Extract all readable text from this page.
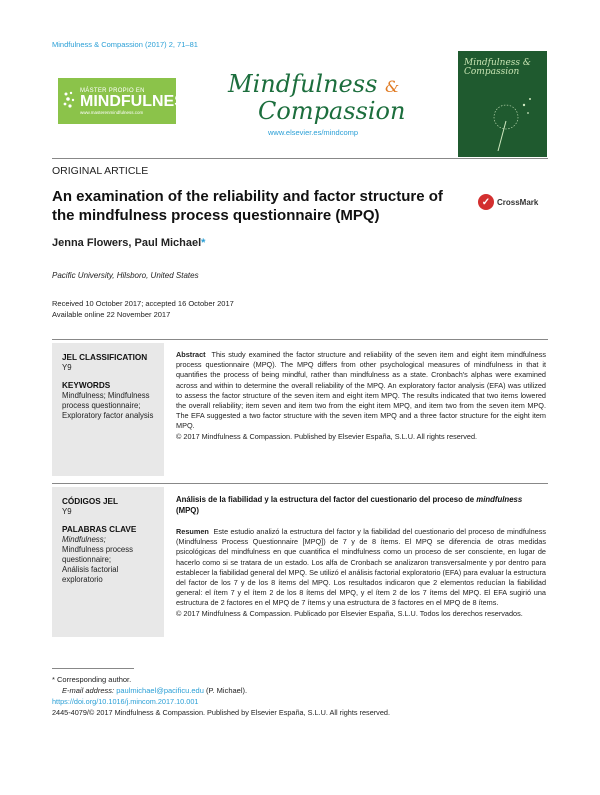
Mindfulness & Compassion (2017) 2, 71–81
MÁSTER PROPIO EN
MINDFULNESS
www.masterenmindfulness.com
Mindfulness &
Compassion
www.elsevier.es/mindcomp
Mindfulness & Compassion
ORIGINAL ARTICLE
An examination of the reliability and factor structure of the mindfulness process questionnaire (MPQ)
✓ CrossMark
Jenna Flowers, Paul Michael*
Pacific University, Hilsboro, United States
Received 10 October 2017; accepted 16 October 2017
Available online 22 November 2017
JEL CLASSIFICATION
Y9
KEYWORDS
Mindfulness; Mindfulness process questionnaire; Exploratory factor analysis
Abstract This study examined the factor structure and reliability of the seven item and eight item mindfulness process questionnaire (MPQ). The MPQ differs from other psychological measures of mindfulness in that it quantifies the process of being mindful, rather than mindfulness as a state. Cronbach's alphas were examined across and within to determine the overall reliability of the MPQ. An exploratory factor analysis (EFA) was utilized to assess the factor structure of the seven item and eight item MPQ. The results indicated that two items lowered the overall reliability; item seven and item two from the eight item MPQ, and item two from the seven item MPQ. The EFA suggested a two factor structure with the seven item MPQ and a three factor structure for the eight item MPQ.
© 2017 Mindfulness & Compassion. Published by Elsevier España, S.L.U. All rights reserved.
CÓDIGOS JEL
Y9
PALABRAS CLAVE
Mindfulness;
Mindfulness process questionnaire;
Análisis factorial exploratorio
Análisis de la fiabilidad y la estructura del factor del cuestionario del proceso de mindfulness (MPQ)
Resumen Este estudio analizó la estructura del factor y la fiabilidad del cuestionario del proceso de mindfulness (Mindfulness Process Questionnaire [MPQ]) de 7 y de 8 ítems. El MPQ se diferencia de otras medidas psicológicas del mindfulness en que cuantifica el mindfulness como un proceso de ser consciente, en lugar de hacerlo como si se tratara de un estado. Los alfa de Cronbach se analizaron transversalmente y por dentro para establecer la fiabilidad general del MPQ. Se utilizó el análisis factorial exploratorio (EFA) para evaluar la estructura del factor de los 7 y de los 8 ítems del MPQ. Los resultados indicaron que 2 elementos reducían la fiabilidad general: el ítem 7 y el ítem 2 de los 8 ítems del MPQ, y el ítem 2 de los 7 ítems del MPQ. El EFA sugirió una estructura de 2 factores en el MPQ de 7 ítems y una estructura de 3 factores en el MPQ de 8 ítems.
© 2017 Mindfulness & Compassion. Publicado por Elsevier España, S.L.U. Todos los derechos reservados.
* Corresponding author.
E-mail address: paulmichael@pacificu.edu (P. Michael).
https://doi.org/10.1016/j.mincom.2017.10.001
2445-4079/© 2017 Mindfulness & Compassion. Published by Elsevier España, S.L.U. All rights reserved.
